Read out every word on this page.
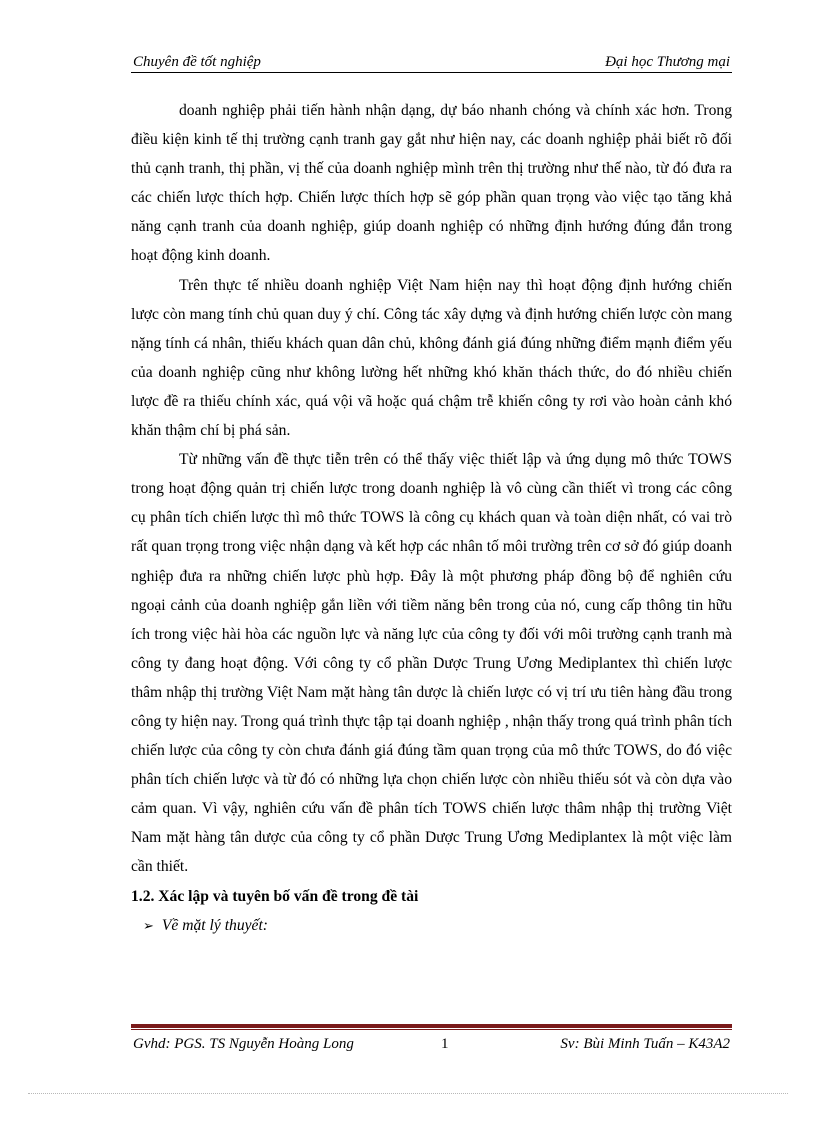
Chuyên đề tốt nghiệp	Đại học Thương mại

doanh nghiệp phải tiến hành nhận dạng, dự báo nhanh chóng và chính xác hơn. Trong điều kiện kinh tế thị trường cạnh tranh gay gắt như hiện nay, các doanh nghiệp phải biết rõ đối thủ cạnh tranh, thị phần, vị thế của doanh nghiệp mình trên thị trường như thế nào, từ đó đưa ra các chiến lược thích hợp. Chiến lược thích hợp sẽ góp phần quan trọng vào việc tạo tăng khả năng cạnh tranh của doanh nghiệp, giúp doanh nghiệp có những định hướng đúng đắn trong hoạt động kinh doanh.

Trên thực tế nhiều doanh nghiệp Việt Nam hiện nay thì hoạt động định hướng chiến lược còn mang tính chủ quan duy ý chí. Công tác xây dựng và định hướng chiến lược còn mang nặng tính cá nhân, thiếu khách quan dân chủ, không đánh giá đúng những điểm mạnh điểm yếu của doanh nghiệp cũng như không lường hết những khó khăn thách thức, do đó nhiều chiến lược đề ra thiếu chính xác, quá vội vã hoặc quá chậm trễ khiến công ty rơi vào hoàn cảnh khó khăn thậm chí bị phá sản.

Từ những vấn đề thực tiễn trên có thể thấy việc thiết lập và ứng dụng mô thức TOWS trong hoạt động quản trị chiến lược trong doanh nghiệp là vô cùng cần thiết vì trong các công cụ phân tích chiến lược thì mô thức TOWS là công cụ khách quan và toàn diện nhất, có vai trò rất quan trọng trong việc nhận dạng và kết hợp các nhân tố môi trường trên cơ sở đó giúp doanh nghiệp đưa ra những chiến lược phù hợp. Đây là một phương pháp đồng bộ để nghiên cứu ngoại cảnh của doanh nghiệp gắn liền với tiềm năng bên trong của nó, cung cấp thông tin hữu ích trong việc hài hòa các nguồn lực và năng lực của công ty đối với môi trường cạnh tranh mà công ty đang hoạt động. Với công ty cổ phần Dược Trung Ương Mediplantex thì chiến lược thâm nhập thị trường Việt Nam mặt hàng tân dược là chiến lược có vị trí ưu tiên hàng đầu trong công ty hiện nay. Trong quá trình thực tập tại doanh nghiệp , nhận thấy trong quá trình phân tích chiến lược của công ty còn chưa đánh giá đúng tầm quan trọng của mô thức TOWS, do đó việc phân tích chiến lược và từ đó có những lựa chọn chiến lược còn nhiều thiếu sót và còn dựa vào cảm quan. Vì vậy, nghiên cứu vấn đề phân tích TOWS chiến lược thâm nhập thị trường Việt Nam mặt hàng tân dược của công ty cổ phần Dược Trung Ương Mediplantex là một việc làm cần thiết.

1.2. Xác lập và tuyên bố vấn đề trong đề tài

➢ Về mặt lý thuyết:

Gvhd: PGS. TS Nguyễn Hoàng Long	1	Sv: Bùi Minh Tuấn – K43A2
